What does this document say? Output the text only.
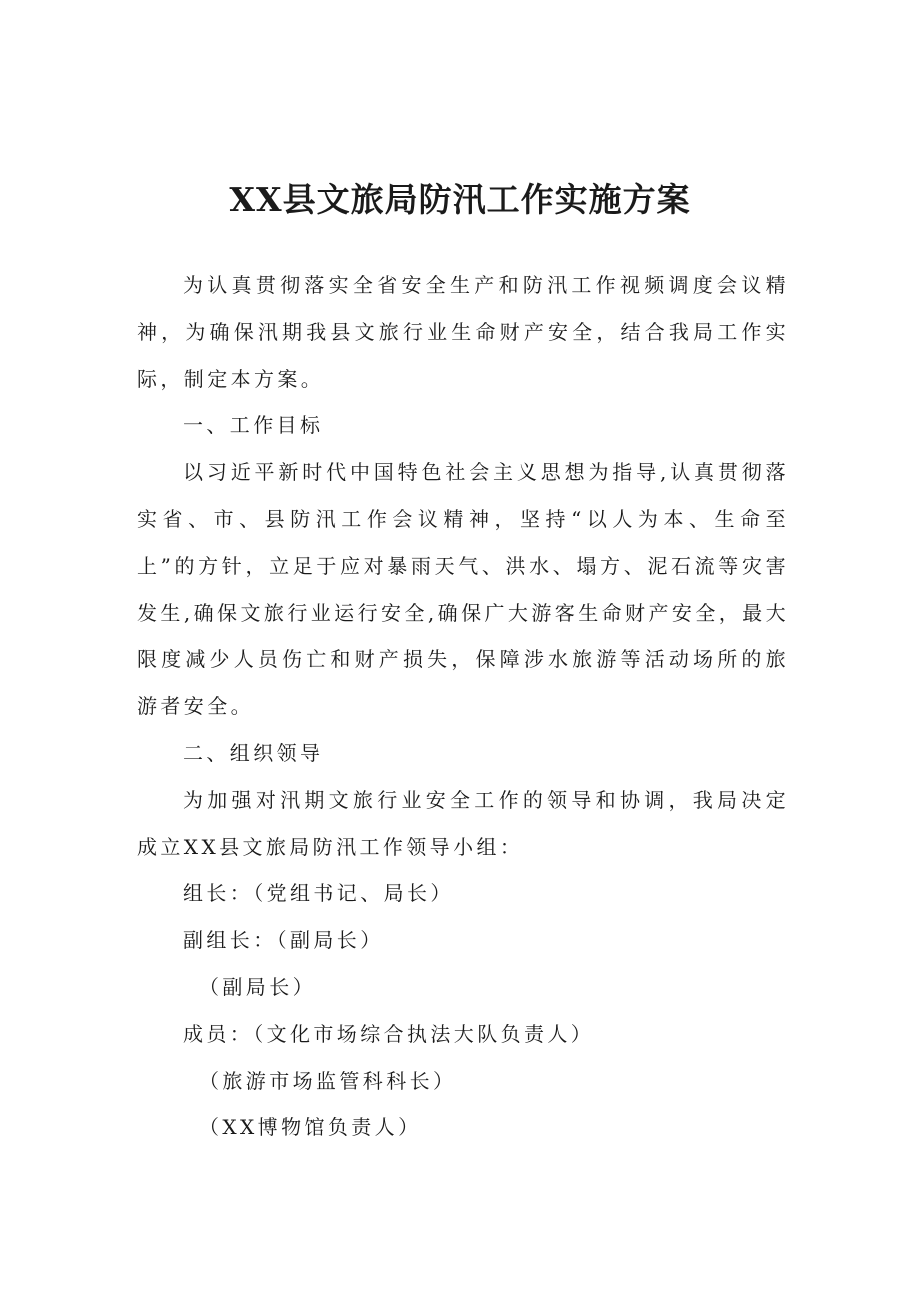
XX县文旅局防汛工作实施方案

为认真贯彻落实全省安全生产和防汛工作视频调度会议精神，为确保汛期我县文旅行业生命财产安全，结合我局工作实际，制定本方案。

一、工作目标

以习近平新时代中国特色社会主义思想为指导,认真贯彻落实省、市、县防汛工作会议精神，坚持“以人为本、生命至上”的方针，立足于应对暴雨天气、洪水、塌方、泥石流等灾害发生,确保文旅行业运行安全,确保广大游客生命财产安全，最大限度减少人员伤亡和财产损失，保障涉水旅游等活动场所的旅游者安全。

二、组织领导

为加强对汛期文旅行业安全工作的领导和协调，我局决定成立XX县文旅局防汛工作领导小组：

组长：（党组书记、局长）

副组长：（副局长）

（副局长）

成员：（文化市场综合执法大队负责人）

（旅游市场监管科科长）

（XX博物馆负责人）
